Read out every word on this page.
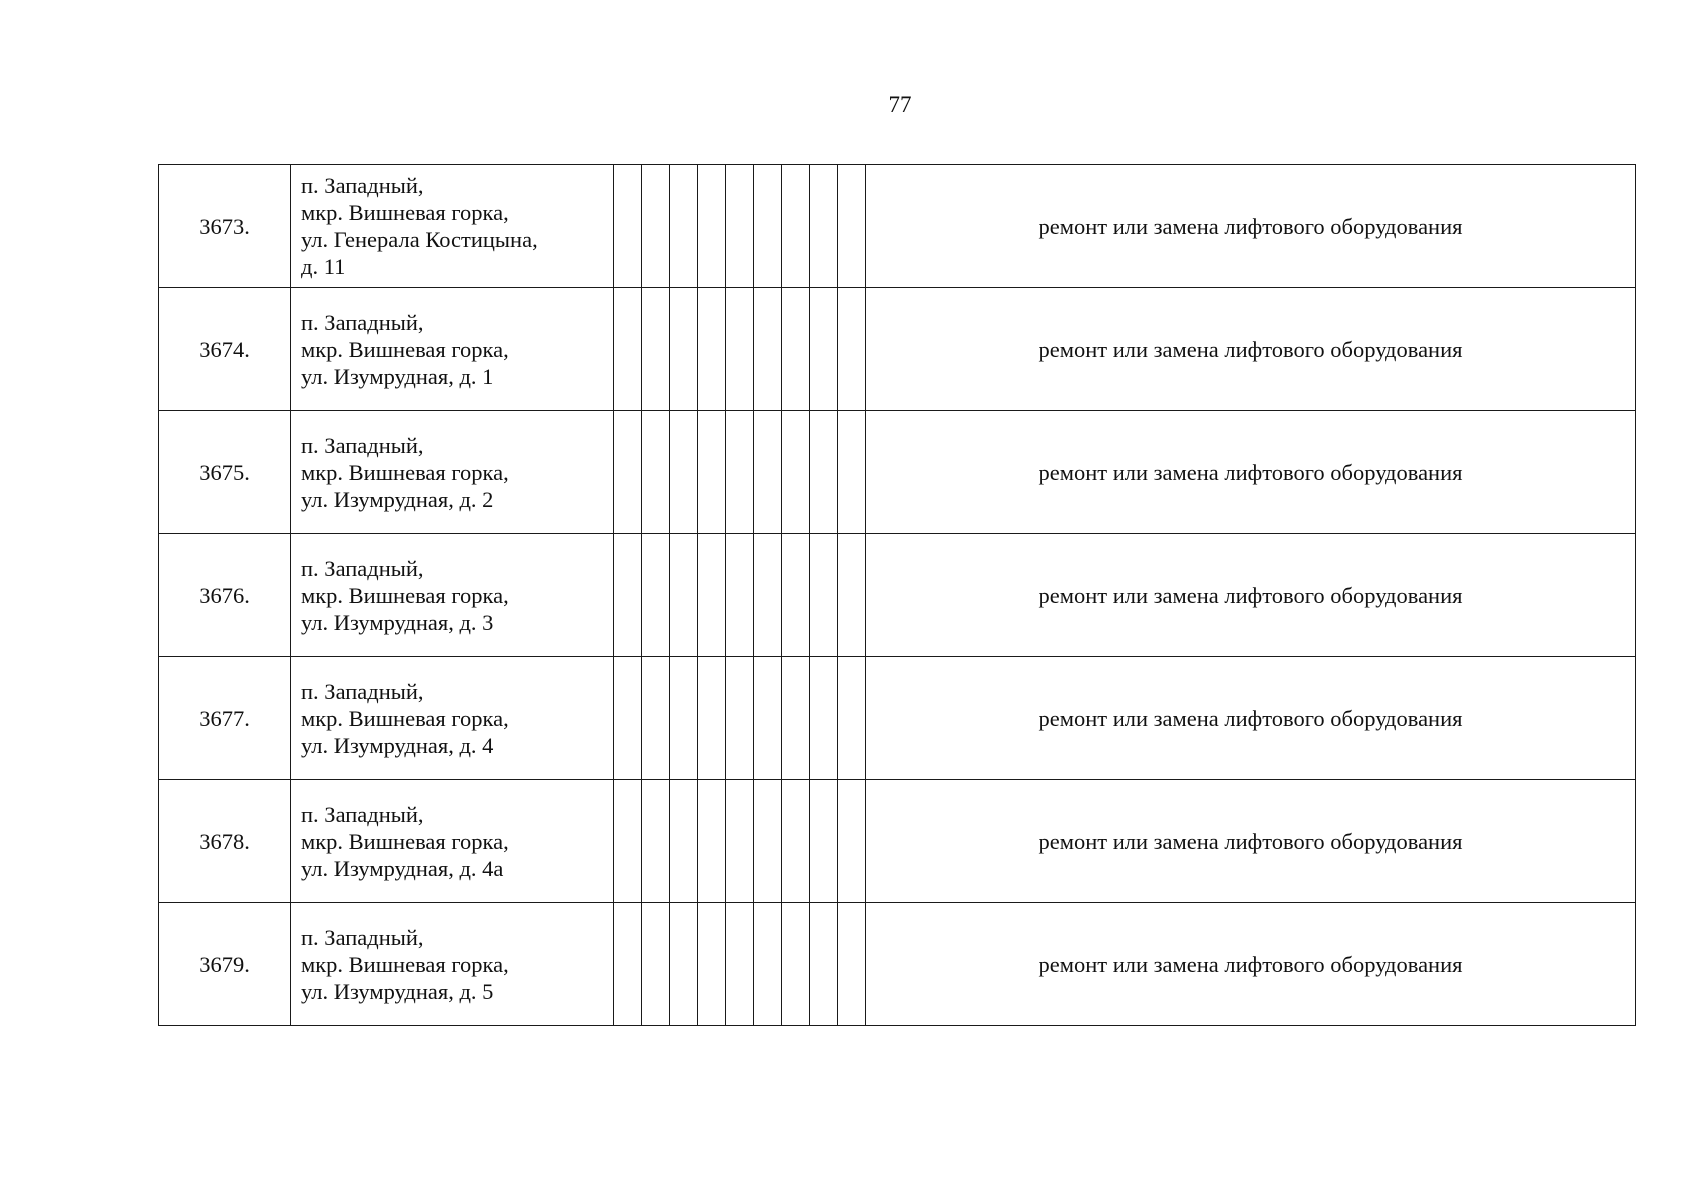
77
3673.	п. Западный,
мкр. Вишневая горка,
ул. Генерала Костицына,
д. 11										ремонт или замена лифтового оборудования
3674.	п. Западный,
мкр. Вишневая горка,
ул. Изумрудная, д. 1										ремонт или замена лифтового оборудования
3675.	п. Западный,
мкр. Вишневая горка,
ул. Изумрудная, д. 2										ремонт или замена лифтового оборудования
3676.	п. Западный,
мкр. Вишневая горка,
ул. Изумрудная, д. 3										ремонт или замена лифтового оборудования
3677.	п. Западный,
мкр. Вишневая горка,
ул. Изумрудная, д. 4										ремонт или замена лифтового оборудования
3678.	п. Западный,
мкр. Вишневая горка,
ул. Изумрудная, д. 4а										ремонт или замена лифтового оборудования
3679.	п. Западный,
мкр. Вишневая горка,
ул. Изумрудная, д. 5										ремонт или замена лифтового оборудования
